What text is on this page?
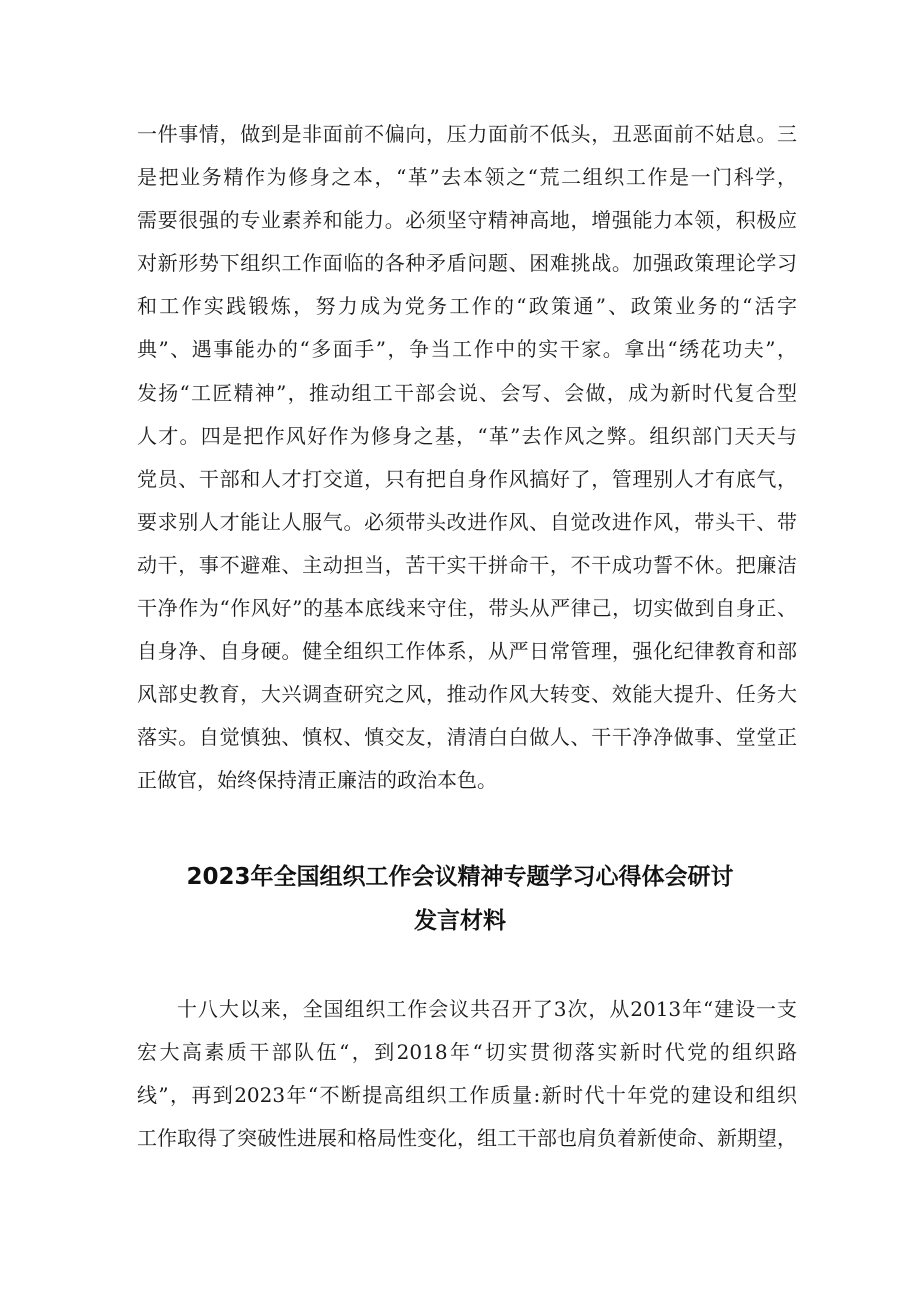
一件事情，做到是非面前不偏向，压力面前不低头，丑恶面前不姑息。三
是把业务精作为修身之本，“革”去本领之“荒二组织工作是一门科学，
需要很强的专业素养和能力。必须坚守精神高地，增强能力本领，积极应
对新形势下组织工作面临的各种矛盾问题、困难挑战。加强政策理论学习
和工作实践锻炼，努力成为党务工作的“政策通”、政策业务的“活字
典”、遇事能办的“多面手”，争当工作中的实干家。拿出“绣花功夫”，
发扬“工匠精神”，推动组工干部会说、会写、会做，成为新时代复合型
人才。四是把作风好作为修身之基，“革”去作风之弊。组织部门天天与
党员、干部和人才打交道，只有把自身作风搞好了，管理别人才有底气，
要求别人才能让人服气。必须带头改进作风、自觉改进作风，带头干、带
动干，事不避难、主动担当，苦干实干拼命干，不干成功誓不休。把廉洁
干净作为“作风好”的基本底线来守住，带头从严律己，切实做到自身正、
自身净、自身硬。健全组织工作体系，从严日常管理，强化纪律教育和部
风部史教育，大兴调查研究之风，推动作风大转变、效能大提升、任务大
落实。自觉慎独、慎权、慎交友，清清白白做人、干干净净做事、堂堂正
正做官，始终保持清正廉洁的政治本色。
2023年全国组织工作会议精神专题学习心得体会研讨
发言材料
十八大以来，全国组织工作会议共召开了3次，从2013年“建设一支
宏大高素质干部队伍“，到2018年“切实贯彻落实新时代党的组织路
线”，再到2023年“不断提高组织工作质量:新时代十年党的建设和组织
工作取得了突破性进展和格局性变化，组工干部也肩负着新使命、新期望，
